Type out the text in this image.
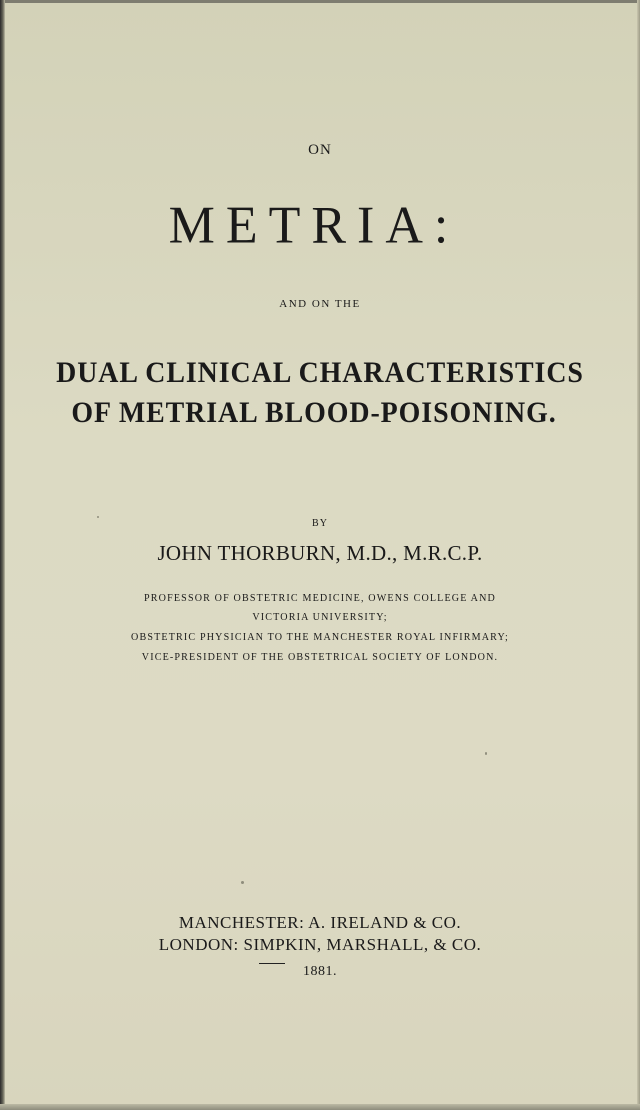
ON
METRIA:
AND ON THE
DUAL CLINICAL CHARACTERISTICS
OF METRIAL BLOOD-POISONING.
BY
JOHN THORBURN, M.D., M.R.C.P.
PROFESSOR OF OBSTETRIC MEDICINE, OWENS COLLEGE AND
VICTORIA UNIVERSITY;
OBSTETRIC PHYSICIAN TO THE MANCHESTER ROYAL INFIRMARY;
VICE-PRESIDENT OF THE OBSTETRICAL SOCIETY OF LONDON.
MANCHESTER: A. IRELAND & CO.
LONDON: SIMPKIN, MARSHALL, & CO.
1881.
